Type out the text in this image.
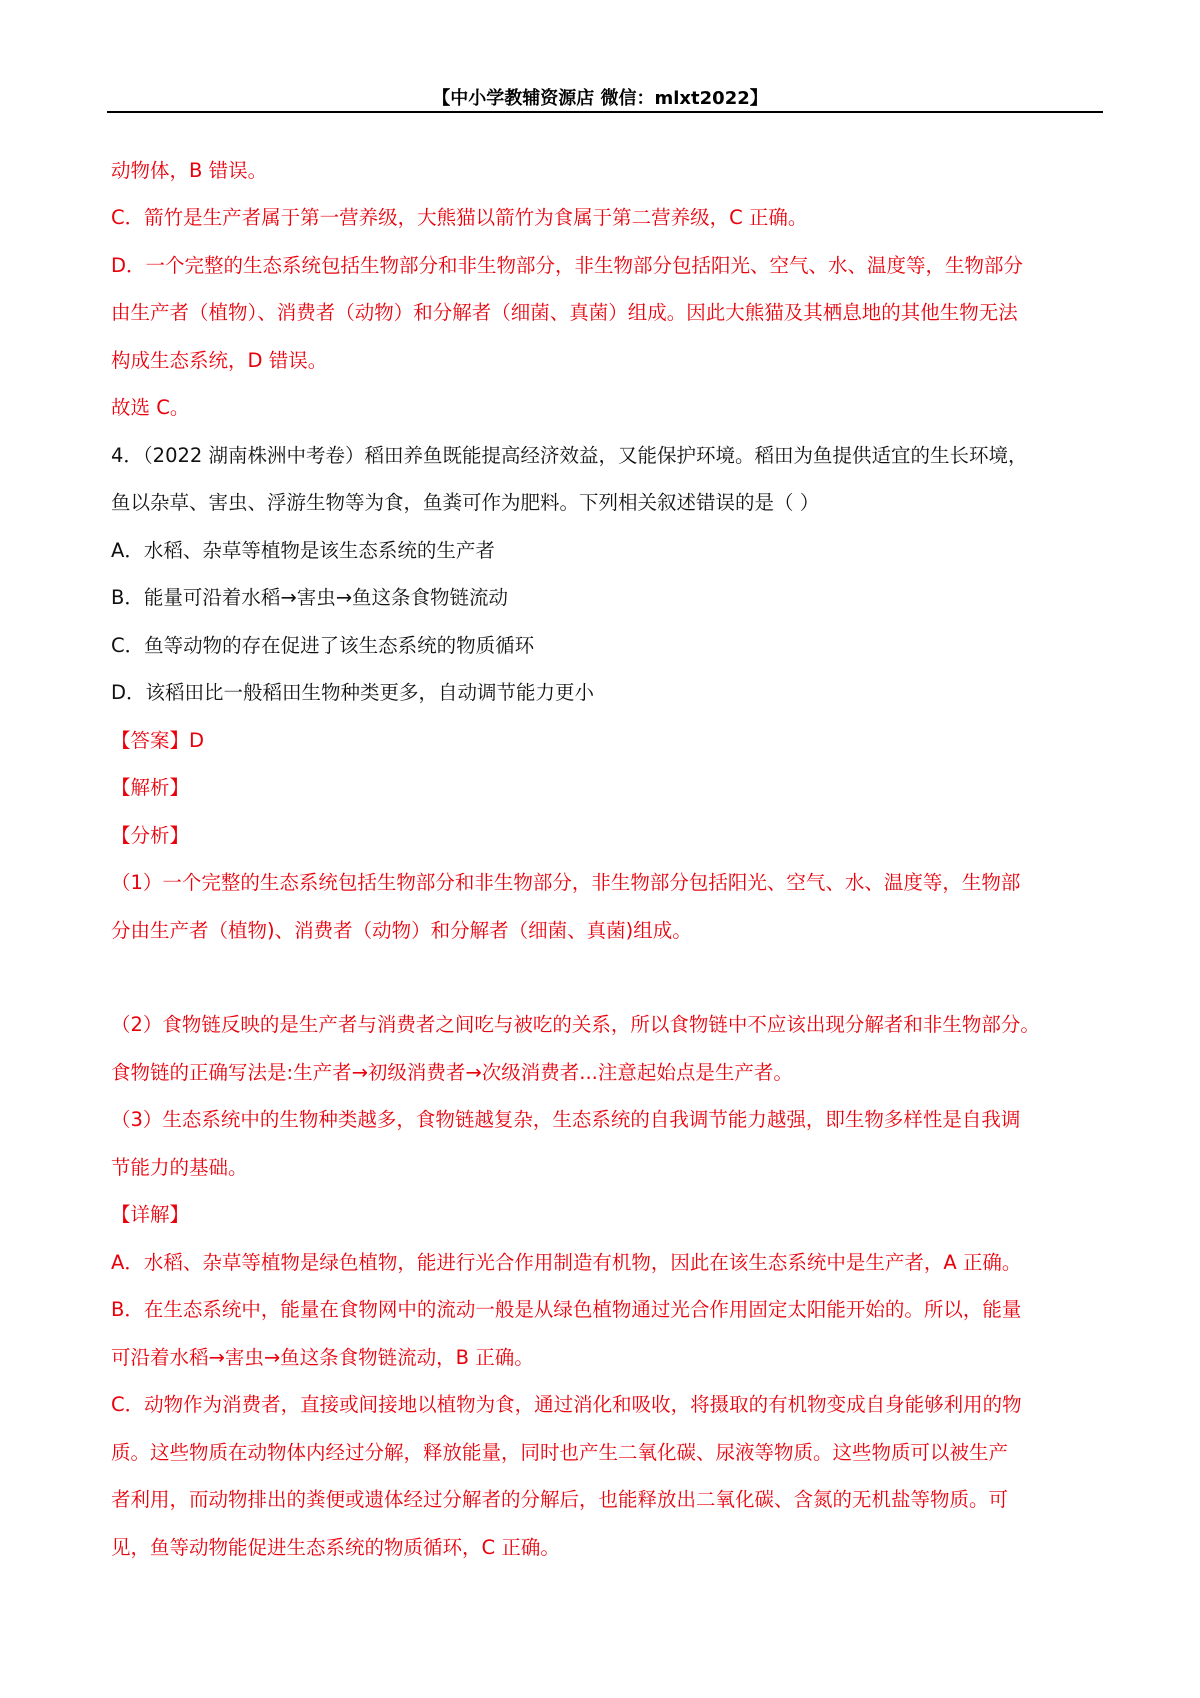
【中小学教辅资源店 微信：mlxt2022】
动物体，B 错误。
C．箭竹是生产者属于第一营养级，大熊猫以箭竹为食属于第二营养级，C 正确。
D．一个完整的生态系统包括生物部分和非生物部分，非生物部分包括阳光、空气、水、温度等，生物部分
由生产者（植物）、消费者（动物）和分解者（细菌、真菌）组成。因此大熊猫及其栖息地的其他生物无法
构成生态系统，D 错误。
故选 C。
4．（2022 湖南株洲中考卷）稻田养鱼既能提高经济效益，又能保护环境。稻田为鱼提供适宜的生长环境，
鱼以杂草、害虫、浮游生物等为食，鱼粪可作为肥料。下列相关叙述错误的是（ ）
A．水稻、杂草等植物是该生态系统的生产者
B．能量可沿着水稻→害虫→鱼这条食物链流动
C．鱼等动物的存在促进了该生态系统的物质循环
D．该稻田比一般稻田生物种类更多，自动调节能力更小
【答案】D
【解析】
【分析】
（1）一个完整的生态系统包括生物部分和非生物部分，非生物部分包括阳光、空气、水、温度等，生物部
分由生产者（植物)、消费者（动物）和分解者（细菌、真菌)组成。
（2）食物链反映的是生产者与消费者之间吃与被吃的关系，所以食物链中不应该出现分解者和非生物部分。
食物链的正确写法是:生产者→初级消费者→次级消费者...注意起始点是生产者。
（3）生态系统中的生物种类越多，食物链越复杂，生态系统的自我调节能力越强，即生物多样性是自我调
节能力的基础。
【详解】
A．水稻、杂草等植物是绿色植物，能进行光合作用制造有机物，因此在该生态系统中是生产者，A 正确。
B．在生态系统中，能量在食物网中的流动一般是从绿色植物通过光合作用固定太阳能开始的。所以，能量
可沿着水稻→害虫→鱼这条食物链流动，B 正确。
C．动物作为消费者，直接或间接地以植物为食，通过消化和吸收，将摄取的有机物变成自身能够利用的物
质。这些物质在动物体内经过分解，释放能量，同时也产生二氧化碳、尿液等物质。这些物质可以被生产
者利用，而动物排出的粪便或遗体经过分解者的分解后，也能释放出二氧化碳、含氮的无机盐等物质。可
见，鱼等动物能促进生态系统的物质循环，C 正确。
